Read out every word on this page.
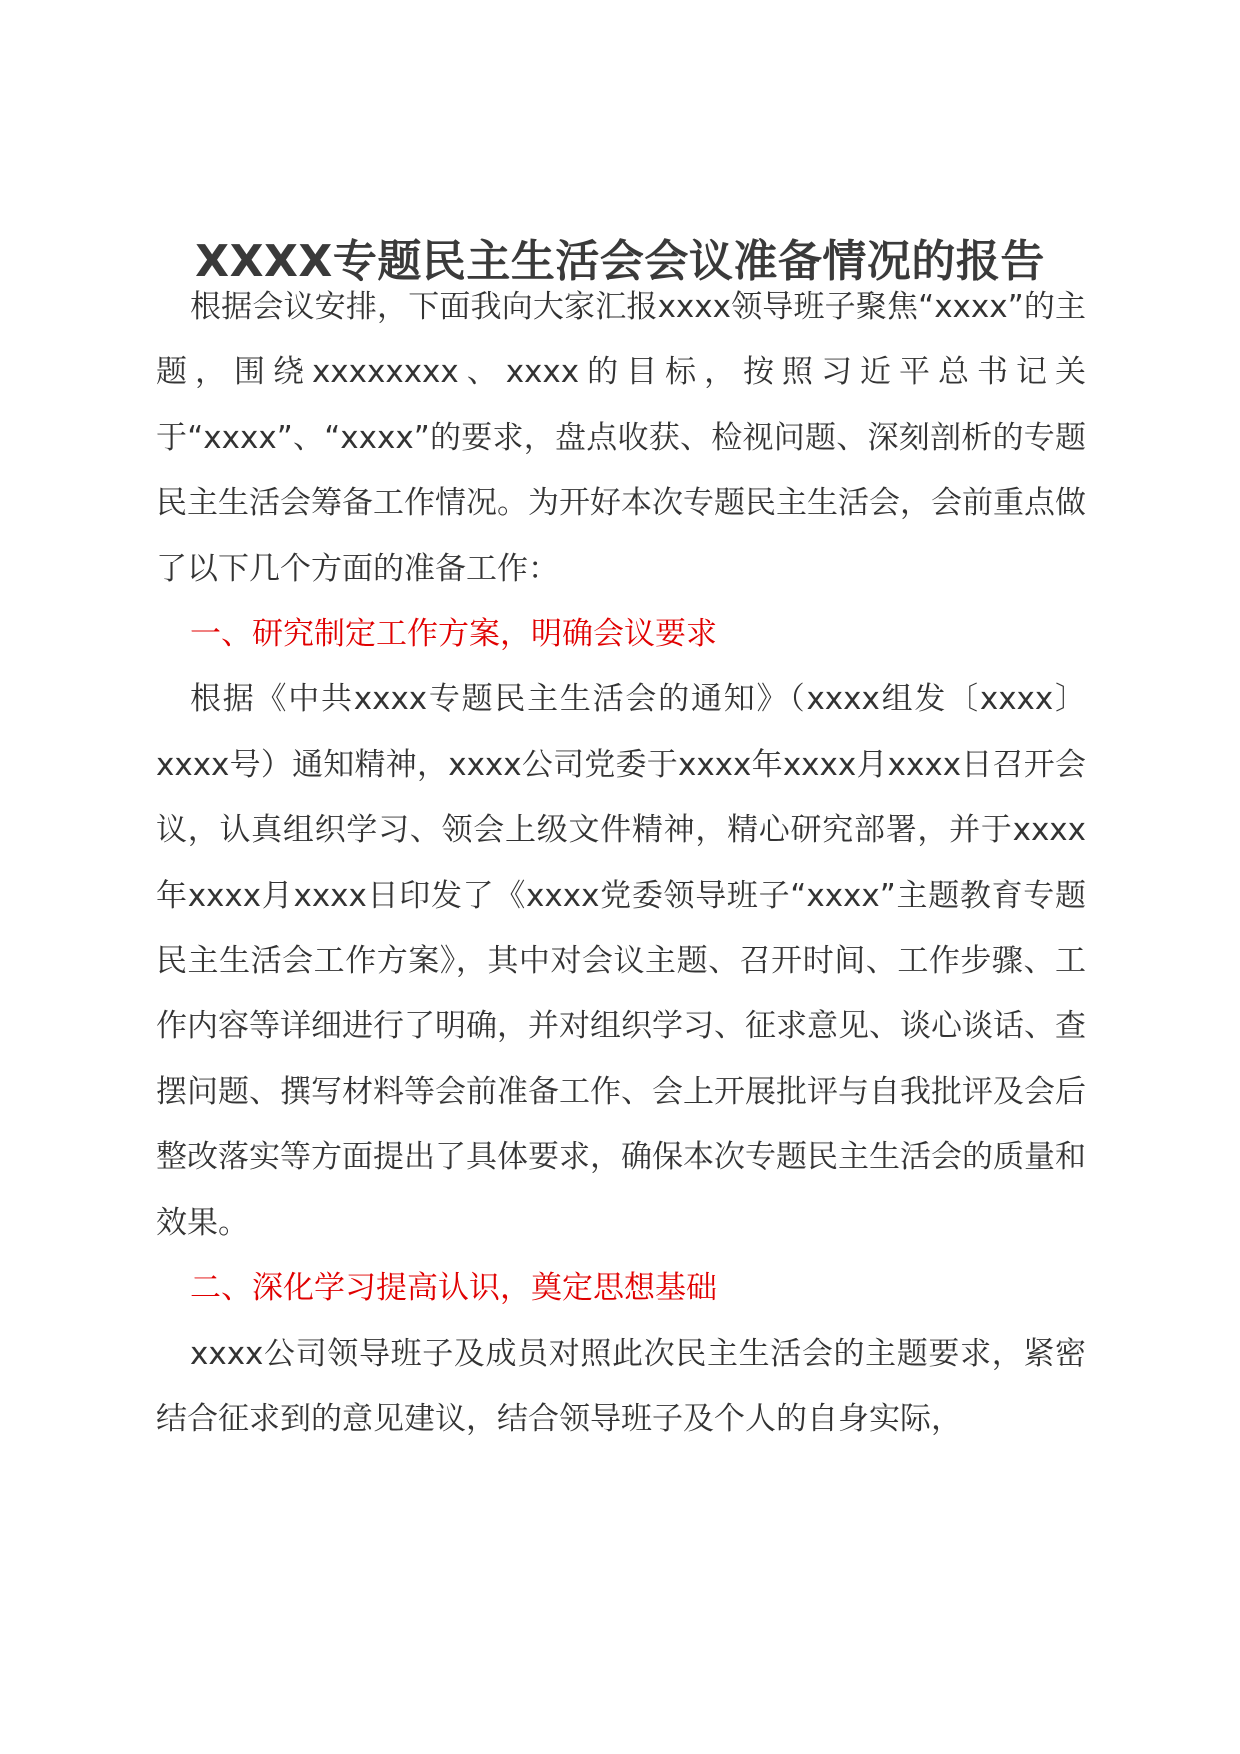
XXXX专题民主生活会会议准备情况的报告

根据会议安排，下面我向大家汇报xxxx领导班子聚焦“xxxx”的主题，围绕xxxxxxxx、xxxx的目标，按照习近平总书记关于“xxxx”、“xxxx”的要求，盘点收获、检视问题、深刻剖析的专题民主生活会筹备工作情况。为开好本次专题民主生活会，会前重点做了以下几个方面的准备工作：

一、研究制定工作方案，明确会议要求

根据《中共xxxx专题民主生活会的通知》（xxxx组发〔xxxx〕xxxx号）通知精神，xxxx公司党委于xxxx年xxxx月xxxx日召开会议，认真组织学习、领会上级文件精神，精心研究部署，并于xxxx年xxxx月xxxx日印发了《xxxx党委领导班子“xxxx”主题教育专题民主生活会工作方案》，其中对会议主题、召开时间、工作步骤、工作内容等详细进行了明确，并对组织学习、征求意见、谈心谈话、查摆问题、撰写材料等会前准备工作、会上开展批评与自我批评及会后整改落实等方面提出了具体要求，确保本次专题民主生活会的质量和效果。

二、深化学习提高认识，奠定思想基础

xxxx公司领导班子及成员对照此次民主生活会的主题要求，紧密结合征求到的意见建议，结合领导班子及个人的自身实际，
